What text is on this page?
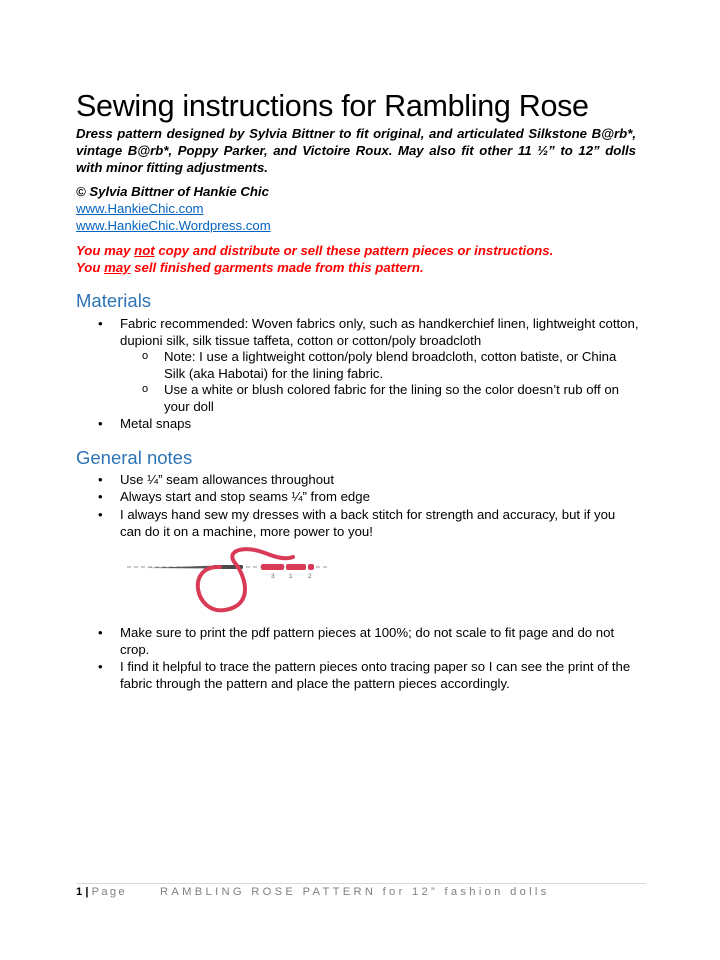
Sewing instructions for Rambling Rose

Dress pattern designed by Sylvia Bittner to fit original, and articulated Silkstone B@rb*, vintage B@rb*, Poppy Parker, and Victoire Roux. May also fit other 11 ½” to 12” dolls with minor fitting adjustments.

© Sylvia Bittner of Hankie Chic
www.HankieChic.com
www.HankieChic.Wordpress.com
You may not copy and distribute or sell these pattern pieces or instructions.
You may sell finished garments made from this pattern.
Materials
• Fabric recommended: Woven fabrics only, such as handkerchief linen, lightweight cotton, dupioni silk, silk tissue taffeta, cotton or cotton/poly broadcloth
o Note: I use a lightweight cotton/poly blend broadcloth, cotton batiste, or China Silk (aka Habotai) for the lining fabric.
o Use a white or blush colored fabric for the lining so the color doesn’t rub off on your doll
• Metal snaps
General notes
• Use ¼” seam allowances throughout
• Always start and stop seams ¼” from edge
• I always hand sew my dresses with a back stitch for strength and accuracy, but if you can do it on a machine, more power to you!
3 1 2
• Make sure to print the pdf pattern pieces at 100%; do not scale to fit page and do not crop.
• I find it helpful to trace the pattern pieces onto tracing paper so I can see the print of the fabric through the pattern and place the pattern pieces accordingly.
1 | Page	RAMBLING ROSE PATTERN for 12” fashion dolls
